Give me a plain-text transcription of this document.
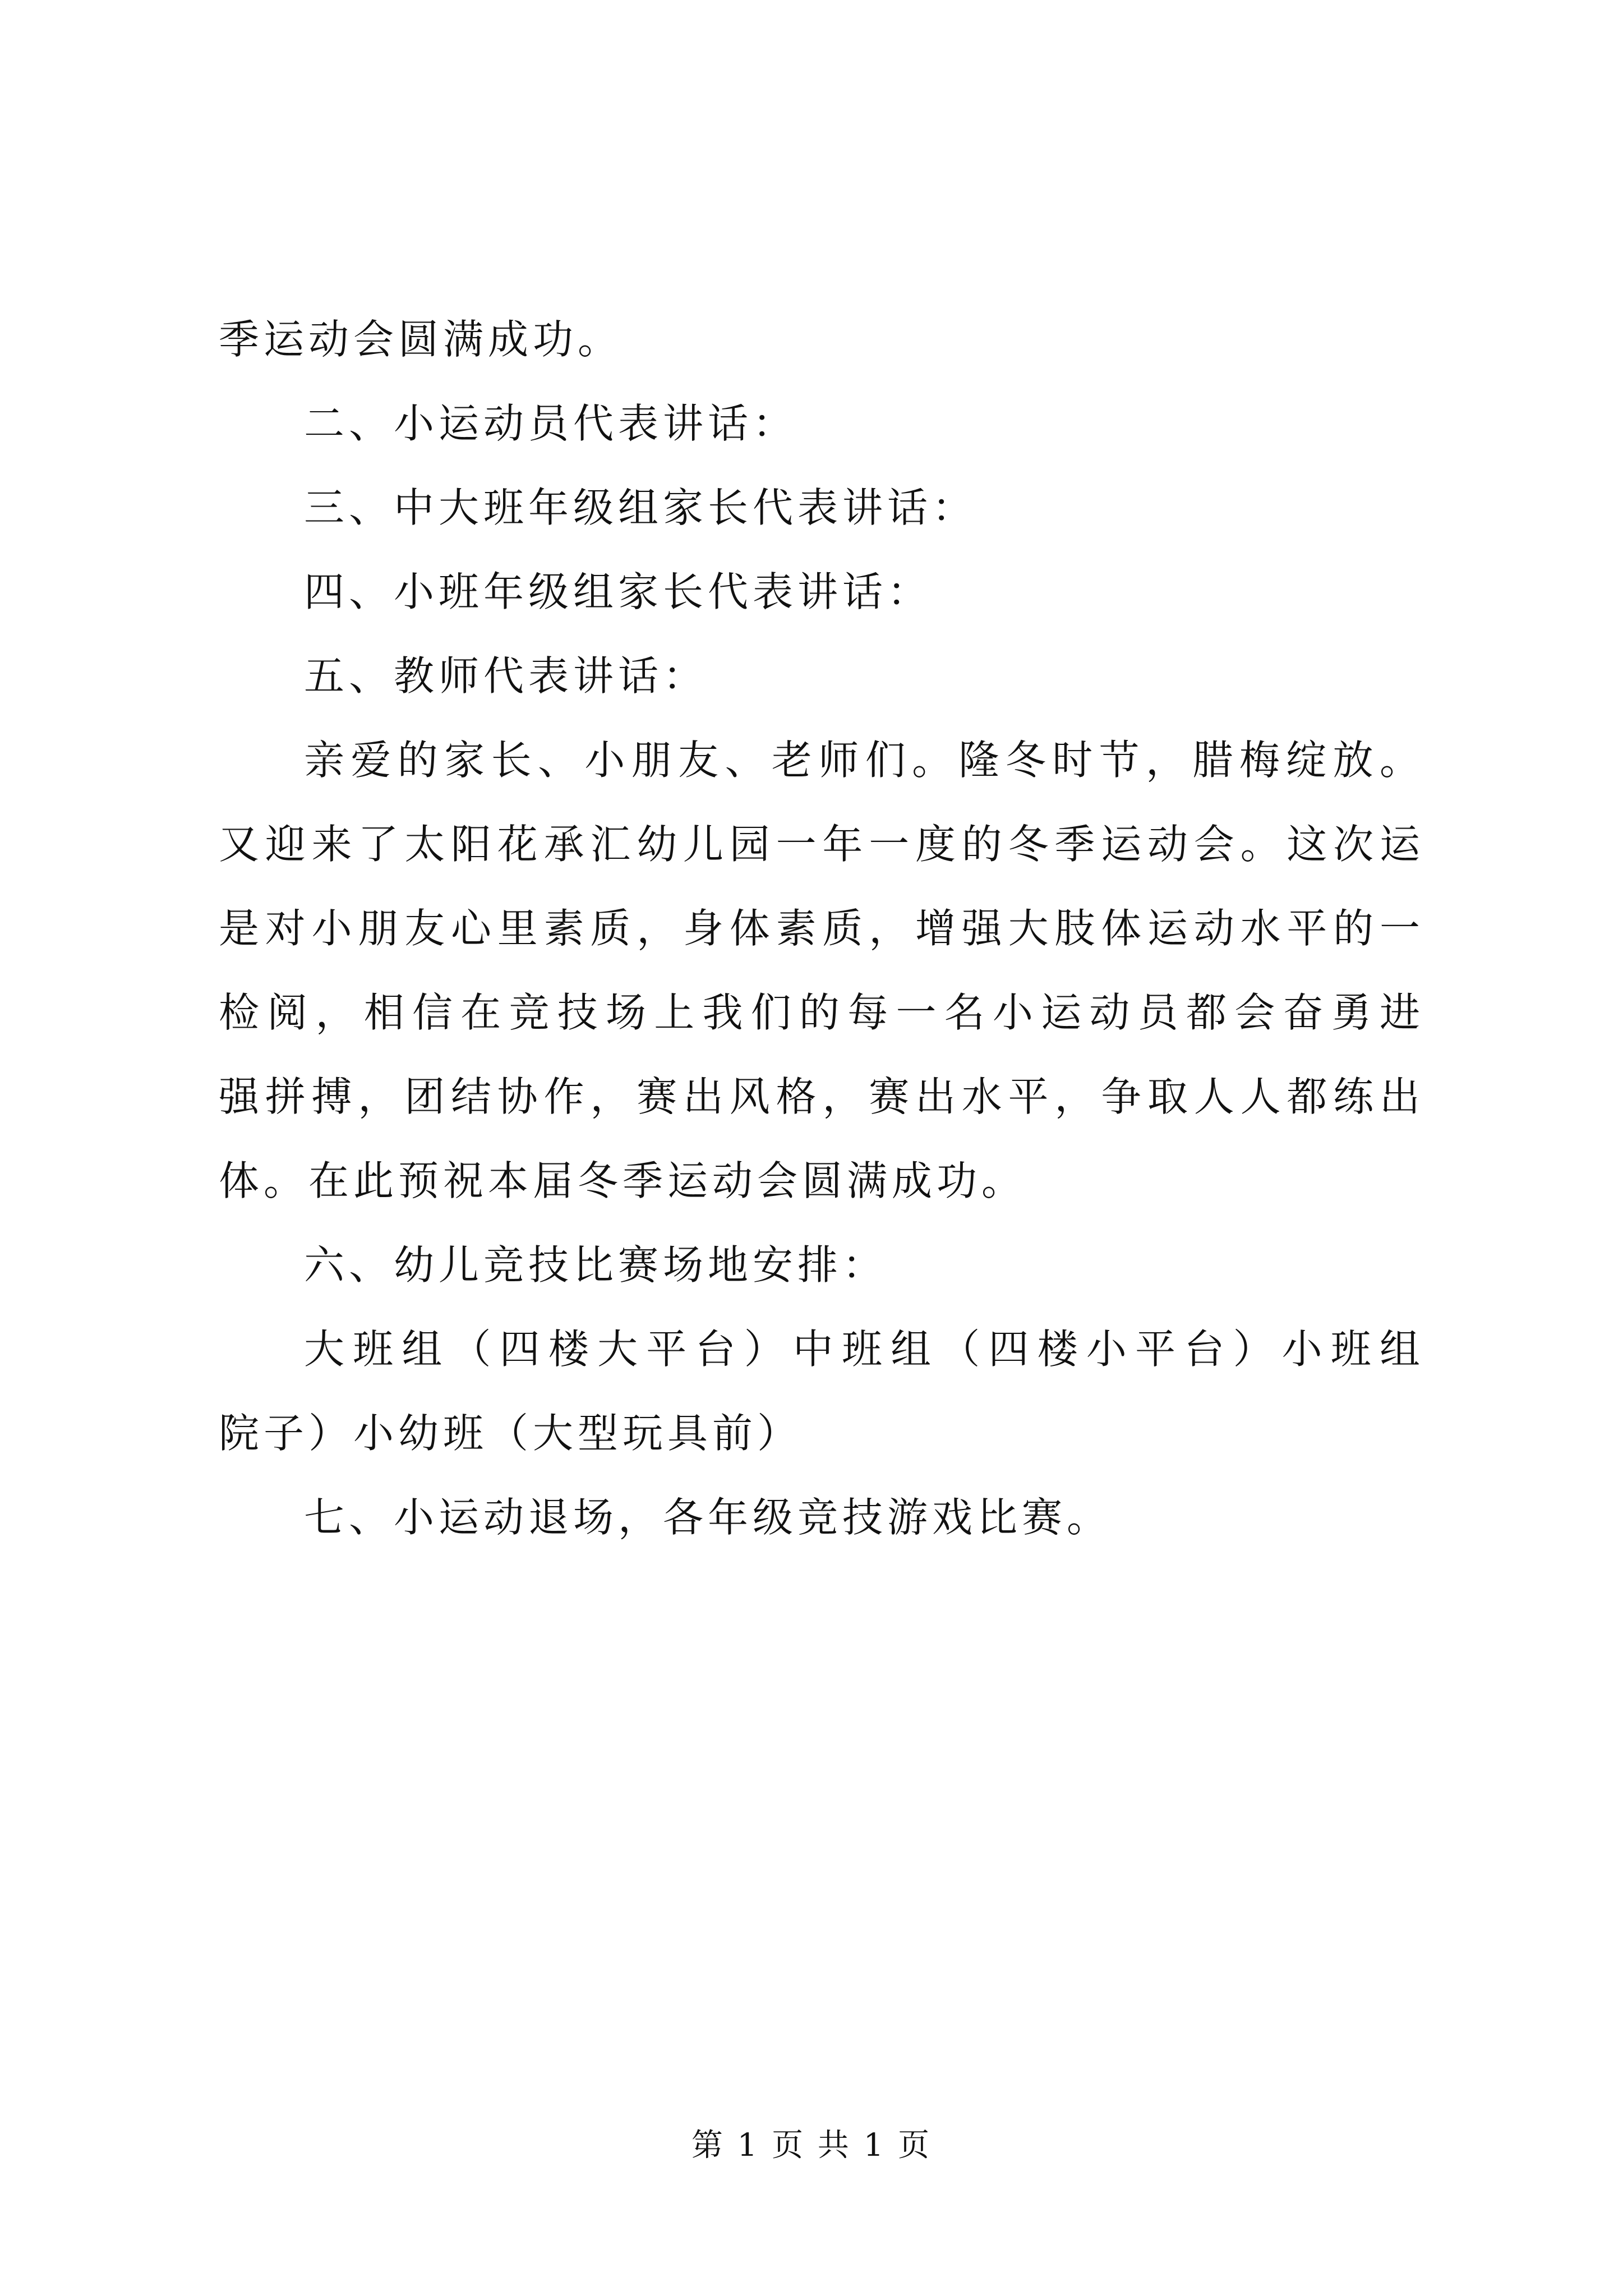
季运动会圆满成功。
二、小运动员代表讲话：
三、中大班年级组家长代表讲话：
四、小班年级组家长代表讲话：
五、教师代表讲话：
亲爱的家长、小朋友、老师们。隆冬时节，腊梅绽放。
又迎来了太阳花承汇幼儿园一年一度的冬季运动会。这次运
是对小朋友心里素质，身体素质，增强大肢体运动水平的一
检阅，相信在竞技场上我们的每一名小运动员都会奋勇进
强拼搏，团结协作，赛出风格，赛出水平，争取人人都练出
体。在此预祝本届冬季运动会圆满成功。
六、幼儿竞技比赛场地安排：
大班组（四楼大平台）中班组（四楼小平台）小班组
院子）小幼班（大型玩具前）
七、小运动退场，各年级竞技游戏比赛。
第 1 页 共 1 页
